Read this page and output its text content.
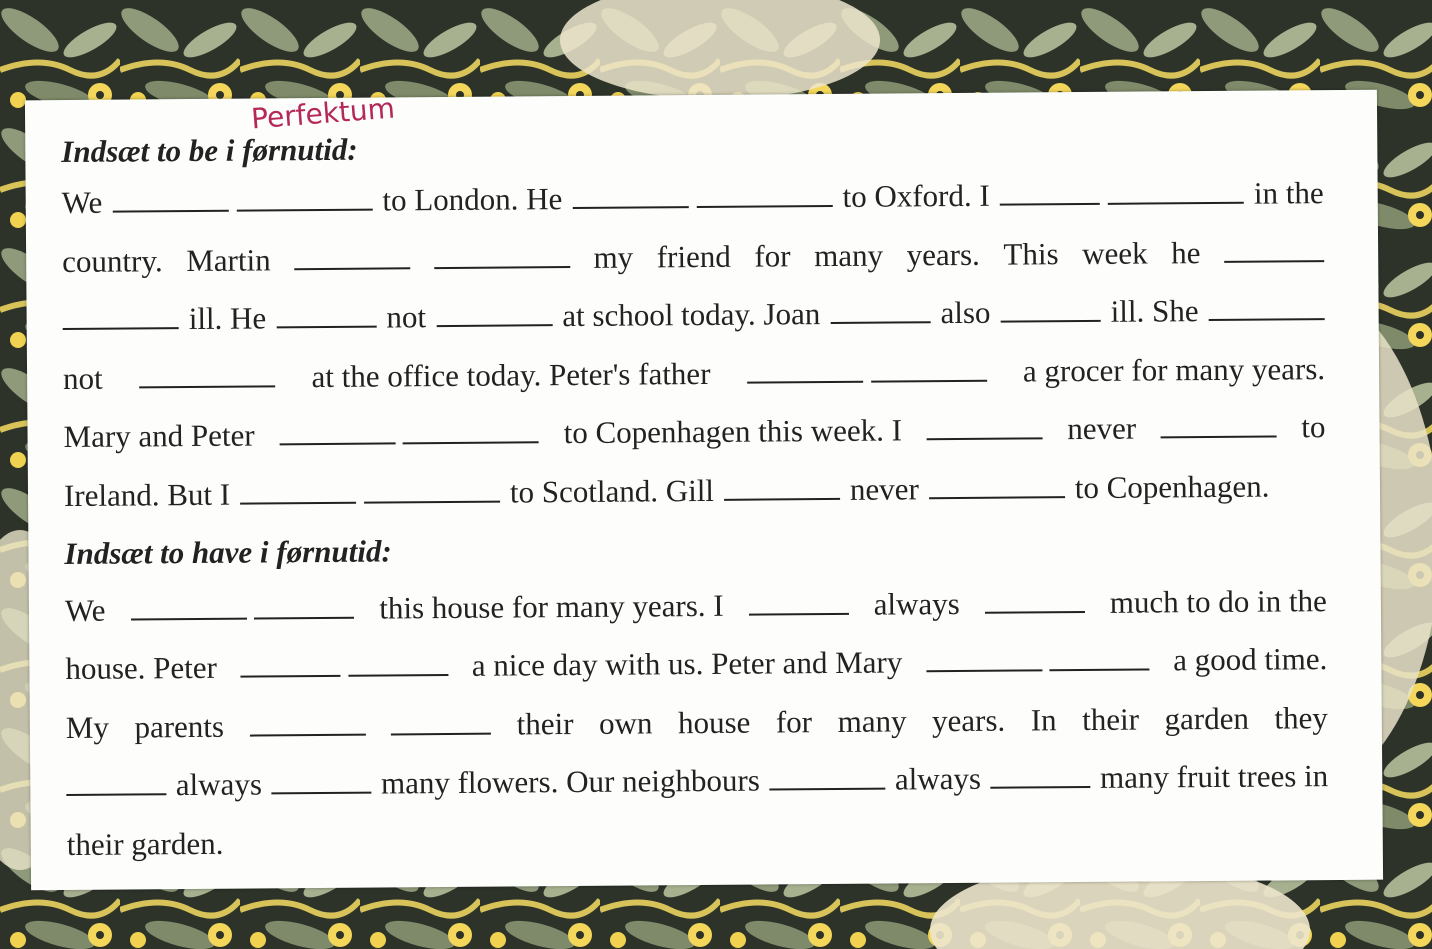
Indsæt to be i førnutid:
Perfektum
We
	to London. He
	to Oxford. I
	in the
country. Martin	my friend for many years. This week he
ill. He	not	at school today. Joan	also	ill. She
not	at the office today. Peter's father
	a grocer for many years.
Mary and Peter
	to Copenhagen this week. I	never	to
Ireland. But I
	to Scotland. Gill	never	to Copenhagen.
Indsæt to have i førnutid:
We
	this house for many years. I	always	much to do in the
house. Peter
	a nice day with us. Peter and Mary
	a good time.
My parents	their own house for many years. In their garden they
always	many flowers. Our neighbours	always	many fruit trees in
their garden.
